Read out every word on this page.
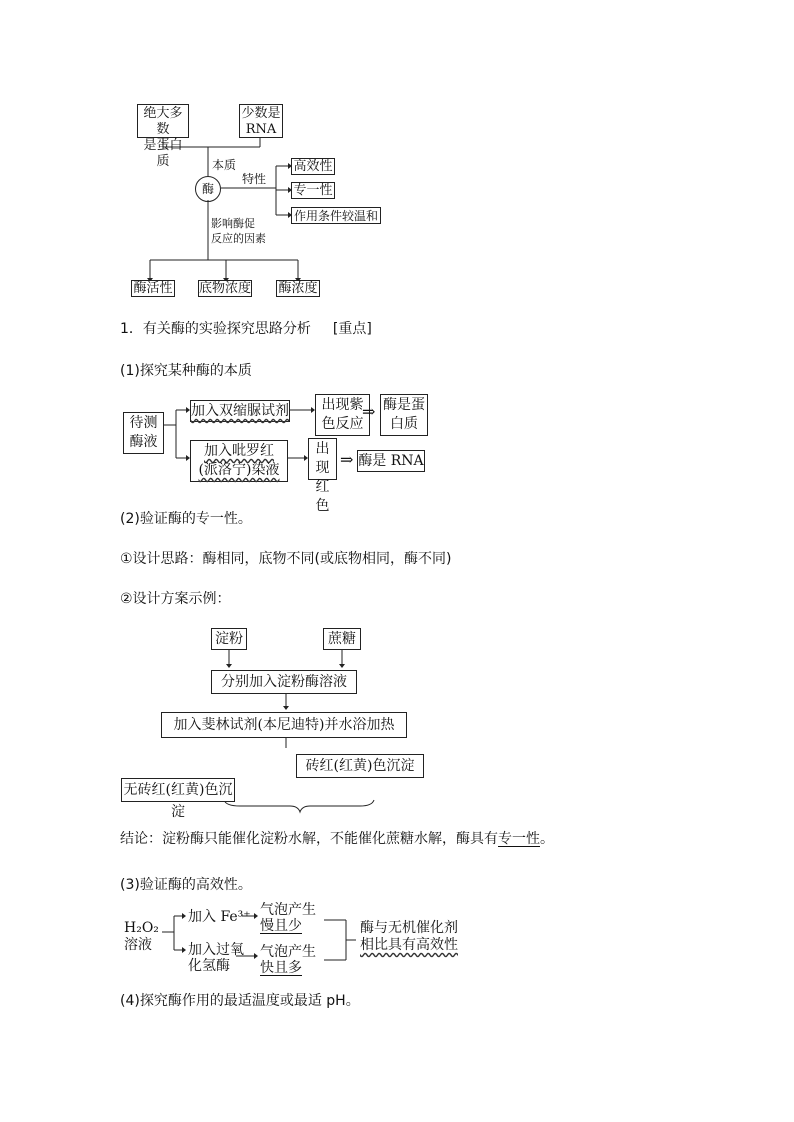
绝大多数
是蛋白质
少数是
RNA
本质
特性
酶
高效性
专一性
作用条件较温和
影响酶促
反应的因素
酶活性 底物浓度 酶浓度
1．有关酶的实验探究思路分析 [重点]
(1)探究某种酶的本质
待测
酶液
加入双缩脲试剂	出现紫
色反应
⇒ 酶是蛋
白质
加入吡罗红
(派洛宁)染液
出现
红色
⇒ 酶是 RNA
(2)验证酶的专一性。
①设计思路：酶相同，底物不同(或底物相同，酶不同)
②设计方案示例：
淀粉	蔗糖
分别加入淀粉酶溶液
加入斐林试剂(本尼迪特)并水浴加热
砖红(红黄)色沉淀
无砖红(红黄)色沉淀
结论：淀粉酶只能催化淀粉水解，不能催化蔗糖水解，酶具有专一性。
(3)验证酶的高效性。
H₂O₂
溶液
加入 Fe³⁺ 气泡产生
慢且少
加入过氧
化氢酶
气泡产生
快且多
酶与无机催化剂
相比具有高效性
(4)探究酶作用的最适温度或最适 pH。
